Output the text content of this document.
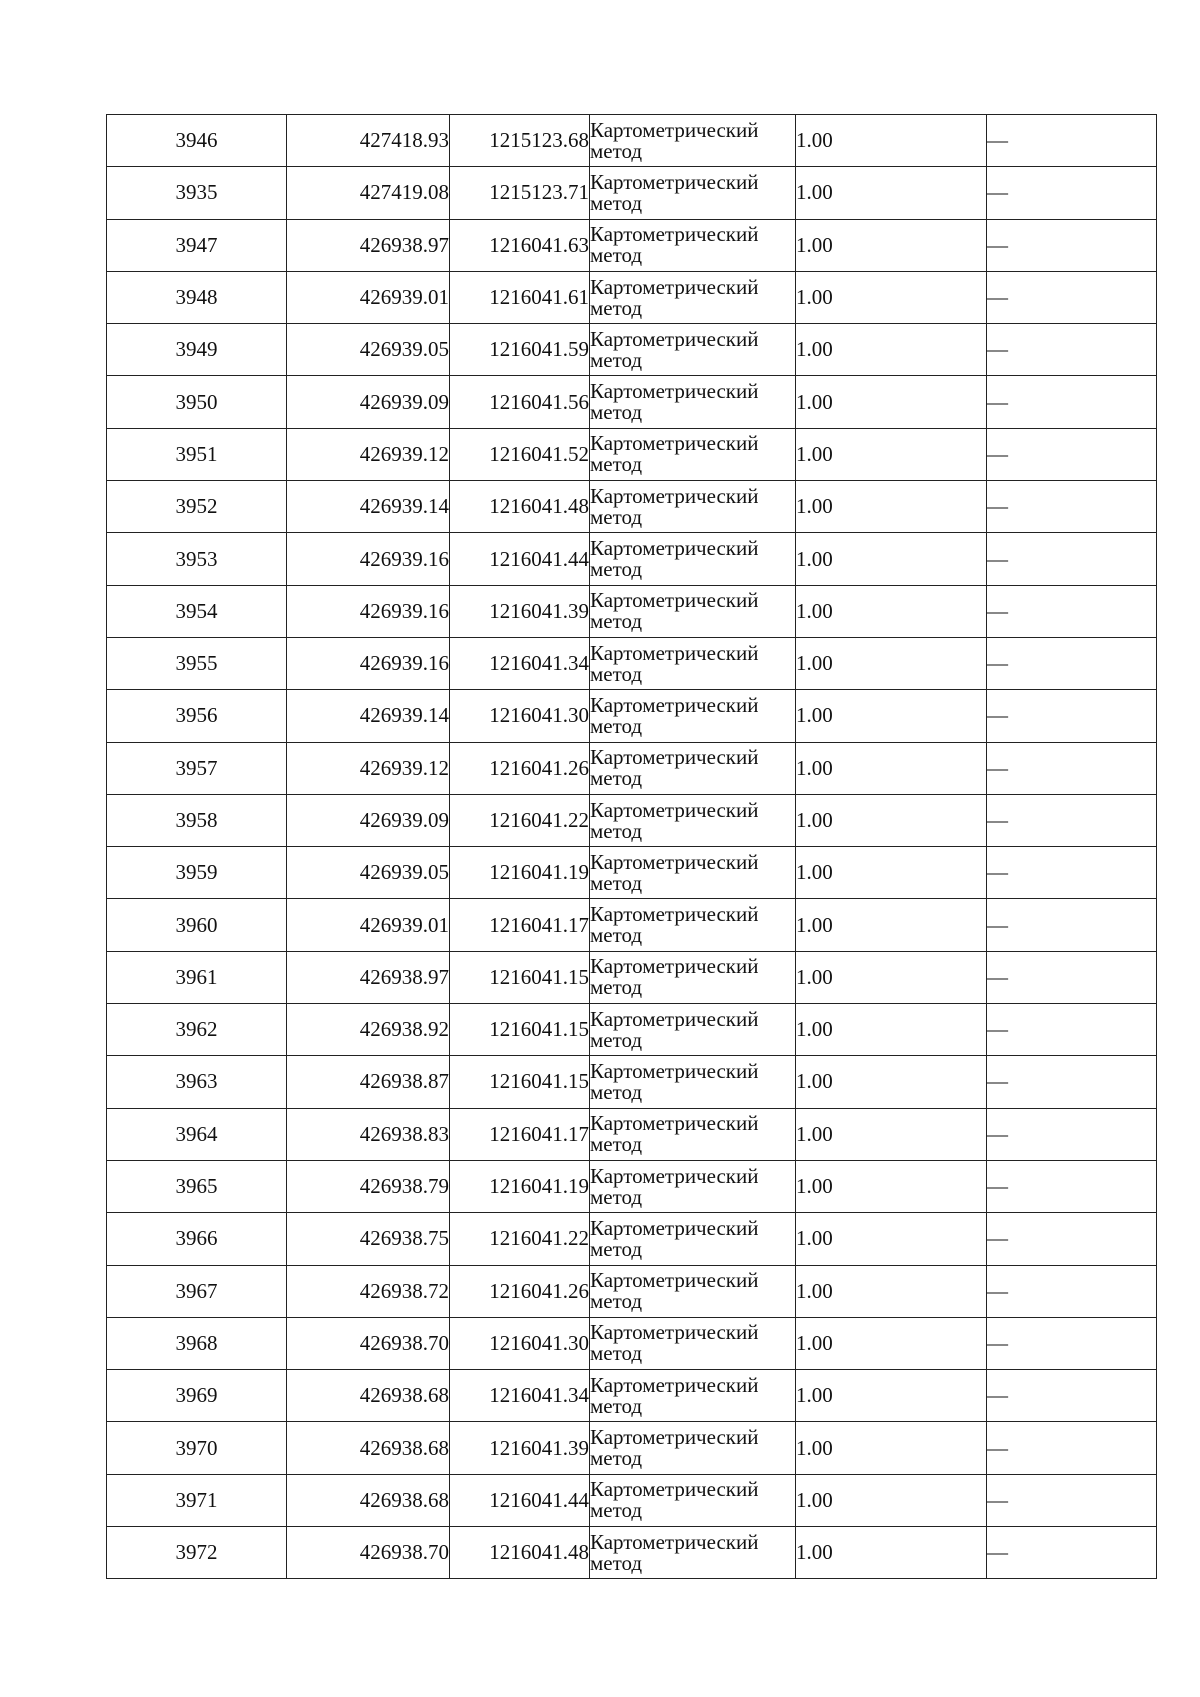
3946	427418.93	1215123.68	Картометрический
метод	1.00	—
3935	427419.08	1215123.71	Картометрический
метод	1.00	—
3947	426938.97	1216041.63	Картометрический
метод	1.00	—
3948	426939.01	1216041.61	Картометрический
метод	1.00	—
3949	426939.05	1216041.59	Картометрический
метод	1.00	—
3950	426939.09	1216041.56	Картометрический
метод	1.00	—
3951	426939.12	1216041.52	Картометрический
метод	1.00	—
3952	426939.14	1216041.48	Картометрический
метод	1.00	—
3953	426939.16	1216041.44	Картометрический
метод	1.00	—
3954	426939.16	1216041.39	Картометрический
метод	1.00	—
3955	426939.16	1216041.34	Картометрический
метод	1.00	—
3956	426939.14	1216041.30	Картометрический
метод	1.00	—
3957	426939.12	1216041.26	Картометрический
метод	1.00	—
3958	426939.09	1216041.22	Картометрический
метод	1.00	—
3959	426939.05	1216041.19	Картометрический
метод	1.00	—
3960	426939.01	1216041.17	Картометрический
метод	1.00	—
3961	426938.97	1216041.15	Картометрический
метод	1.00	—
3962	426938.92	1216041.15	Картометрический
метод	1.00	—
3963	426938.87	1216041.15	Картометрический
метод	1.00	—
3964	426938.83	1216041.17	Картометрический
метод	1.00	—
3965	426938.79	1216041.19	Картометрический
метод	1.00	—
3966	426938.75	1216041.22	Картометрический
метод	1.00	—
3967	426938.72	1216041.26	Картометрический
метод	1.00	—
3968	426938.70	1216041.30	Картометрический
метод	1.00	—
3969	426938.68	1216041.34	Картометрический
метод	1.00	—
3970	426938.68	1216041.39	Картометрический
метод	1.00	—
3971	426938.68	1216041.44	Картометрический
метод	1.00	—
3972	426938.70	1216041.48	Картометрический
метод	1.00	—
